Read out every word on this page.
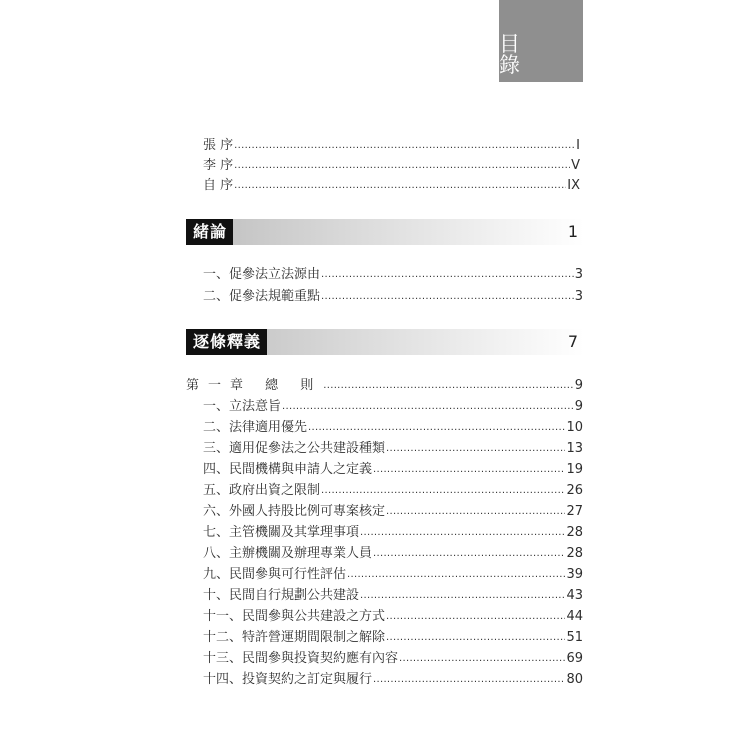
目 錄
張 序 .....	I
李 序 .....	V
自 序 .....	IX
緒論	1
一、促參法立法源由 .....	3
二、促參法規範重點 .....	3
逐條釋義	7
第一章 總 則 .....	9
一、立法意旨 .....	9
二、法律適用優先 .....	10
三、適用促參法之公共建設種類 .....	13
四、民間機構與申請人之定義 .....	19
五、政府出資之限制 .....	26
六、外國人持股比例可專案核定 .....	27
七、主管機關及其掌理事項 .....	28
八、主辦機關及辦理專業人員 .....	28
九、民間參與可行性評估 .....	39
十、民間自行規劃公共建設 .....	43
十一、民間參與公共建設之方式 .....	44
十二、特許營運期間限制之解除 .....	51
十三、民間參與投資契約應有內容 .....	69
十四、投資契約之訂定與履行 .....	80
